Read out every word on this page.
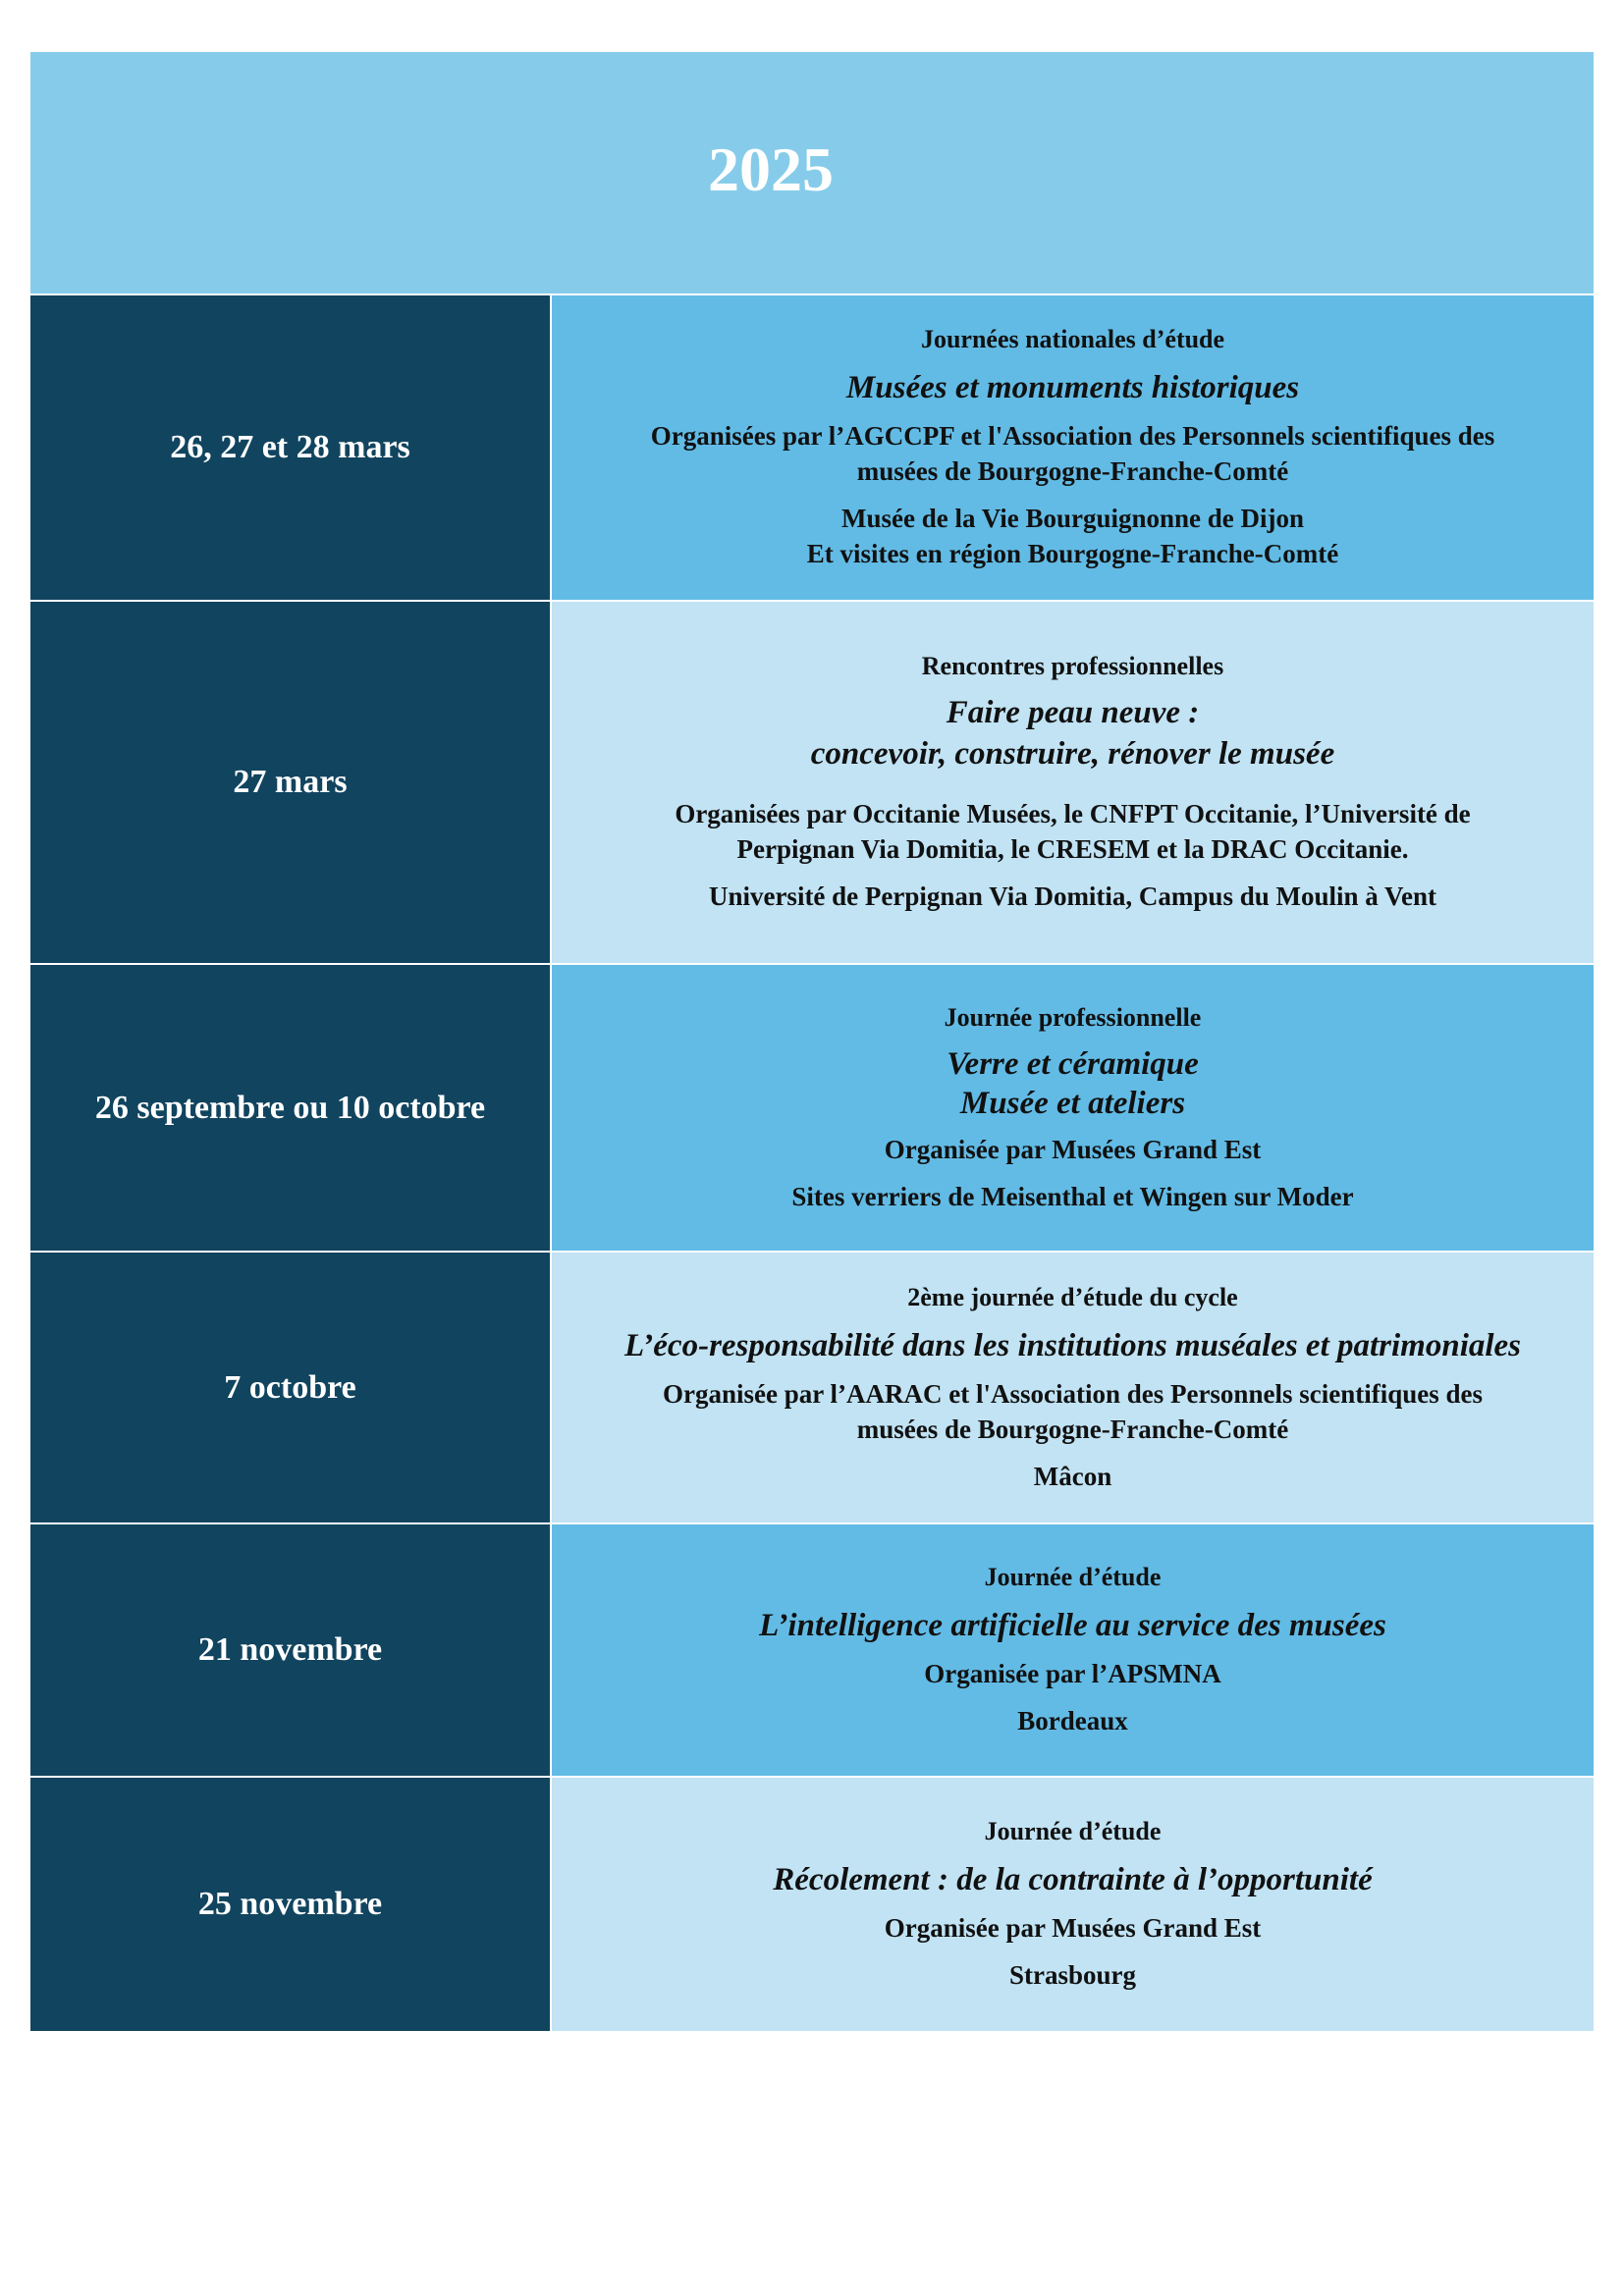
2025
26, 27 et 28 mars
Journées nationales d’étude
Musées et monuments historiques
Organisées par l’AGCCPF et l'Association des Personnels scientifiques des
musées de Bourgogne-Franche-Comté
Musée de la Vie Bourguignonne de Dijon
Et visites en région Bourgogne-Franche-Comté
27 mars
Rencontres professionnelles
Faire peau neuve :
concevoir, construire, rénover le musée
Organisées par Occitanie Musées, le CNFPT Occitanie, l’Université de
Perpignan Via Domitia, le CRESEM et la DRAC Occitanie.
Université de Perpignan Via Domitia, Campus du Moulin à Vent
26 septembre ou 10 octobre
Journée professionnelle
Verre et céramique
Musée et ateliers
Organisée par Musées Grand Est
Sites verriers de Meisenthal et Wingen sur Moder
7 octobre
2ème journée d’étude du cycle
L’éco-responsabilité dans les institutions muséales et patrimoniales
Organisée par l’AARAC et l'Association des Personnels scientifiques des
musées de Bourgogne-Franche-Comté
Mâcon
21 novembre
Journée d’étude
L’intelligence artificielle au service des musées
Organisée par l’APSMNA
Bordeaux
25 novembre
Journée d’étude
Récolement : de la contrainte à l’opportunité
Organisée par Musées Grand Est
Strasbourg
